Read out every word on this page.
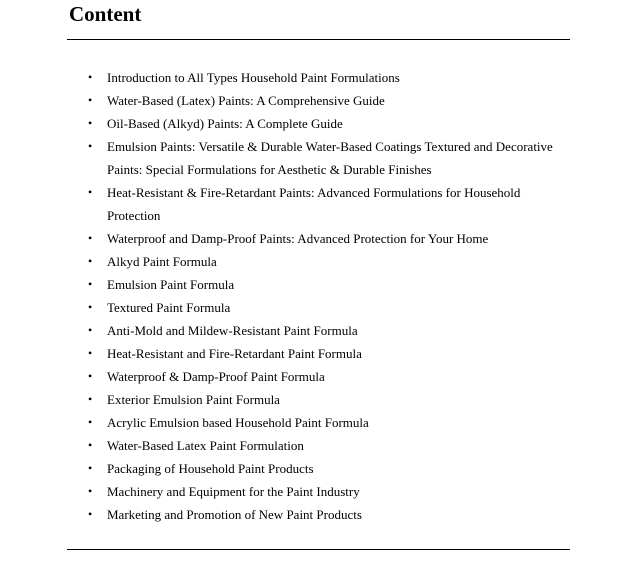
Content
• Introduction to All Types Household Paint Formulations
• Water-Based (Latex) Paints: A Comprehensive Guide
• Oil-Based (Alkyd) Paints: A Complete Guide
• Emulsion Paints: Versatile & Durable Water-Based Coatings Textured and Decorative Paints: Special Formulations for Aesthetic & Durable Finishes
• Heat-Resistant & Fire-Retardant Paints: Advanced Formulations for Household Protection
• Waterproof and Damp-Proof Paints: Advanced Protection for Your Home
• Alkyd Paint Formula
• Emulsion Paint Formula
• Textured Paint Formula
• Anti-Mold and Mildew-Resistant Paint Formula
• Heat-Resistant and Fire-Retardant Paint Formula
• Waterproof & Damp-Proof Paint Formula
• Exterior Emulsion Paint Formula
• Acrylic Emulsion based Household Paint Formula
• Water-Based Latex Paint Formulation
• Packaging of Household Paint Products
• Machinery and Equipment for the Paint Industry
• Marketing and Promotion of New Paint Products
